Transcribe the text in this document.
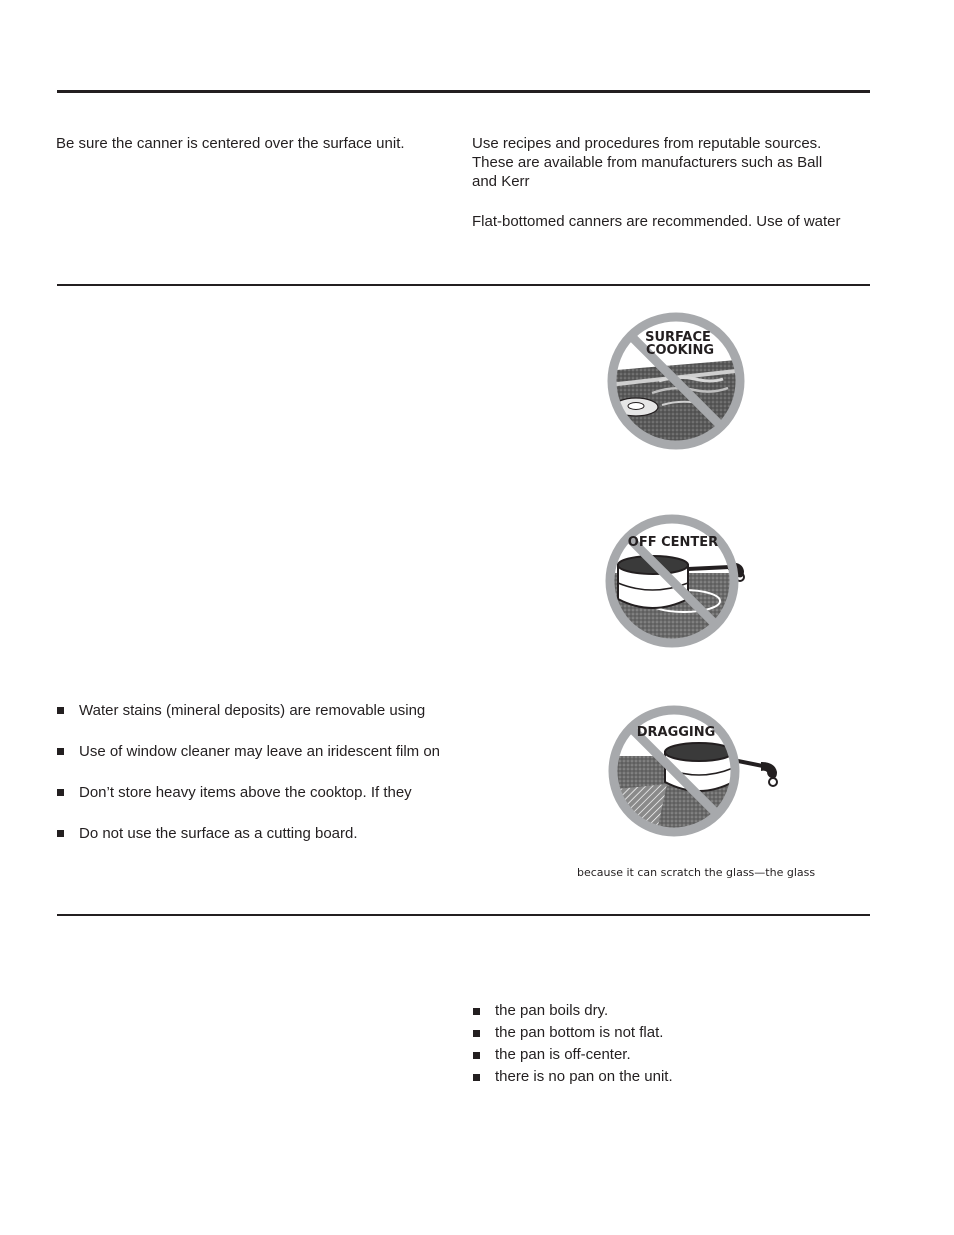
Be sure the canner is centered over the surface unit.	Use recipes and procedures from reputable sources.
These are available from manufacturers such as Ball
and Kerr

Flat-bottomed canners are recommended. Use of water

Water stains (mineral deposits) are removable using
Use of window cleaner may leave an iridescent film on
Don’t store heavy items above the cooktop. If they
Do not use the surface as a cutting board.
SURFACE
COOKING
OFF CENTER
DRAGGING
because it can scratch the glass—the glass
the pan boils dry.
the pan bottom is not flat.
the pan is off-center.
there is no pan on the unit.
